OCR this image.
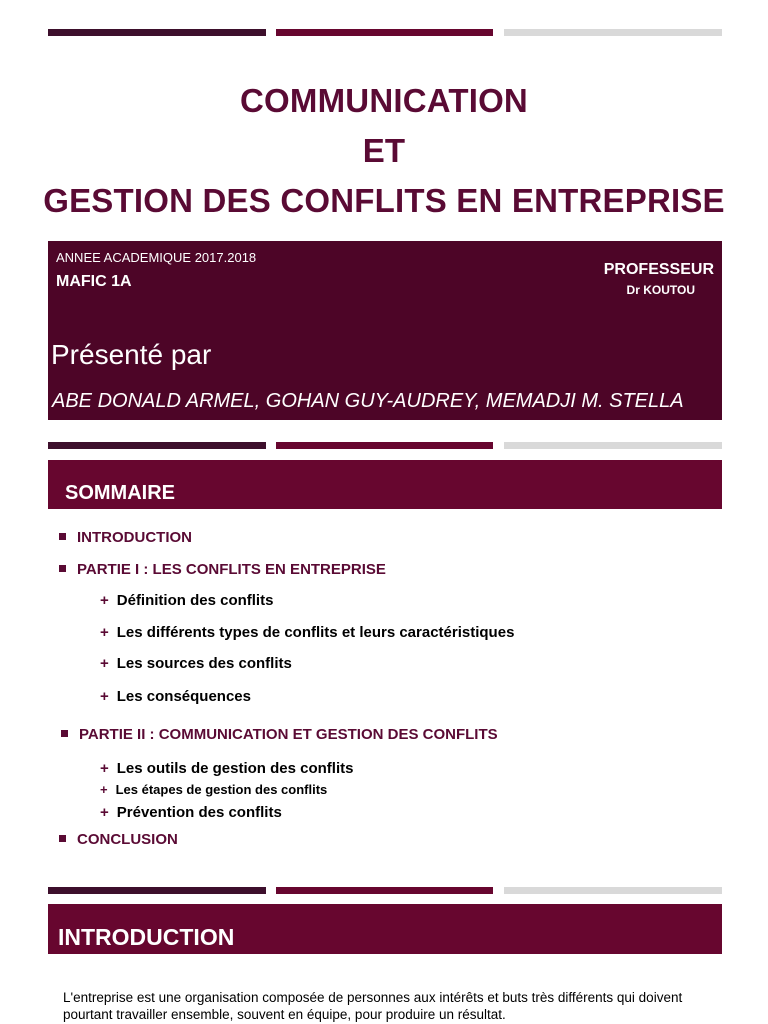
COMMUNICATION
ET
GESTION DES CONFLITS EN ENTREPRISE
ANNEE ACADEMIQUE 2017.2018
MAFIC 1A
PROFESSEUR
Dr KOUTOU
Présenté par
ABE DONALD ARMEL, GOHAN GUY-AUDREY, MEMADJI M. STELLA
SOMMAIRE
INTRODUCTION
PARTIE I : LES CONFLITS EN ENTREPRISE
+ Définition des conflits
+ Les différents types de conflits et leurs caractéristiques
+ Les sources des conflits
+ Les conséquences
PARTIE II : COMMUNICATION ET GESTION DES CONFLITS
+ Les outils de gestion des conflits
+ Les étapes de gestion des conflits
+ Prévention des conflits
CONCLUSION
INTRODUCTION
L'entreprise est une organisation composée de personnes aux intérêts et buts très différents qui doivent pourtant travailler ensemble, souvent en équipe, pour produire un résultat.
